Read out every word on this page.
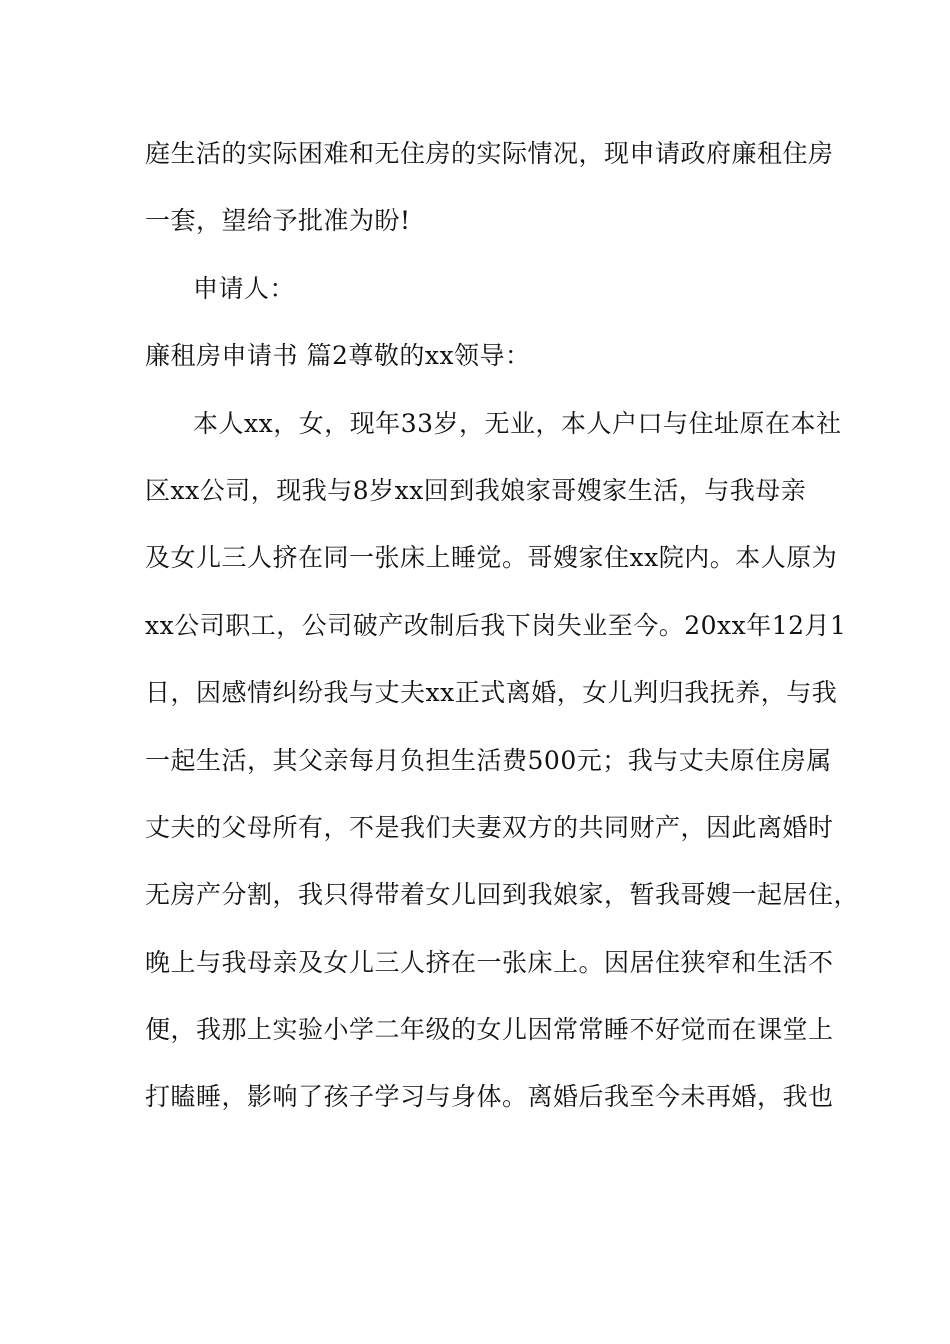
庭生活的实际困难和无住房的实际情况，现申请政府廉租住房
一套，望给予批准为盼!
申请人：
廉租房申请书 篇2尊敬的xx领导：
本人xx，女，现年33岁，无业，本人户口与住址原在本社
区xx公司，现我与8岁xx回到我娘家哥嫂家生活，与我母亲
及女儿三人挤在同一张床上睡觉。哥嫂家住xx院内。本人原为
xx公司职工，公司破产改制后我下岗失业至今。20xx年12月1
日，因感情纠纷我与丈夫xx正式离婚，女儿判归我抚养，与我
一起生活，其父亲每月负担生活费500元；我与丈夫原住房属
丈夫的父母所有，不是我们夫妻双方的共同财产，因此离婚时
无房产分割，我只得带着女儿回到我娘家，暂我哥嫂一起居住，
晚上与我母亲及女儿三人挤在一张床上。因居住狭窄和生活不
便，我那上实验小学二年级的女儿因常常睡不好觉而在课堂上
打瞌睡，影响了孩子学习与身体。离婚后我至今未再婚，我也
